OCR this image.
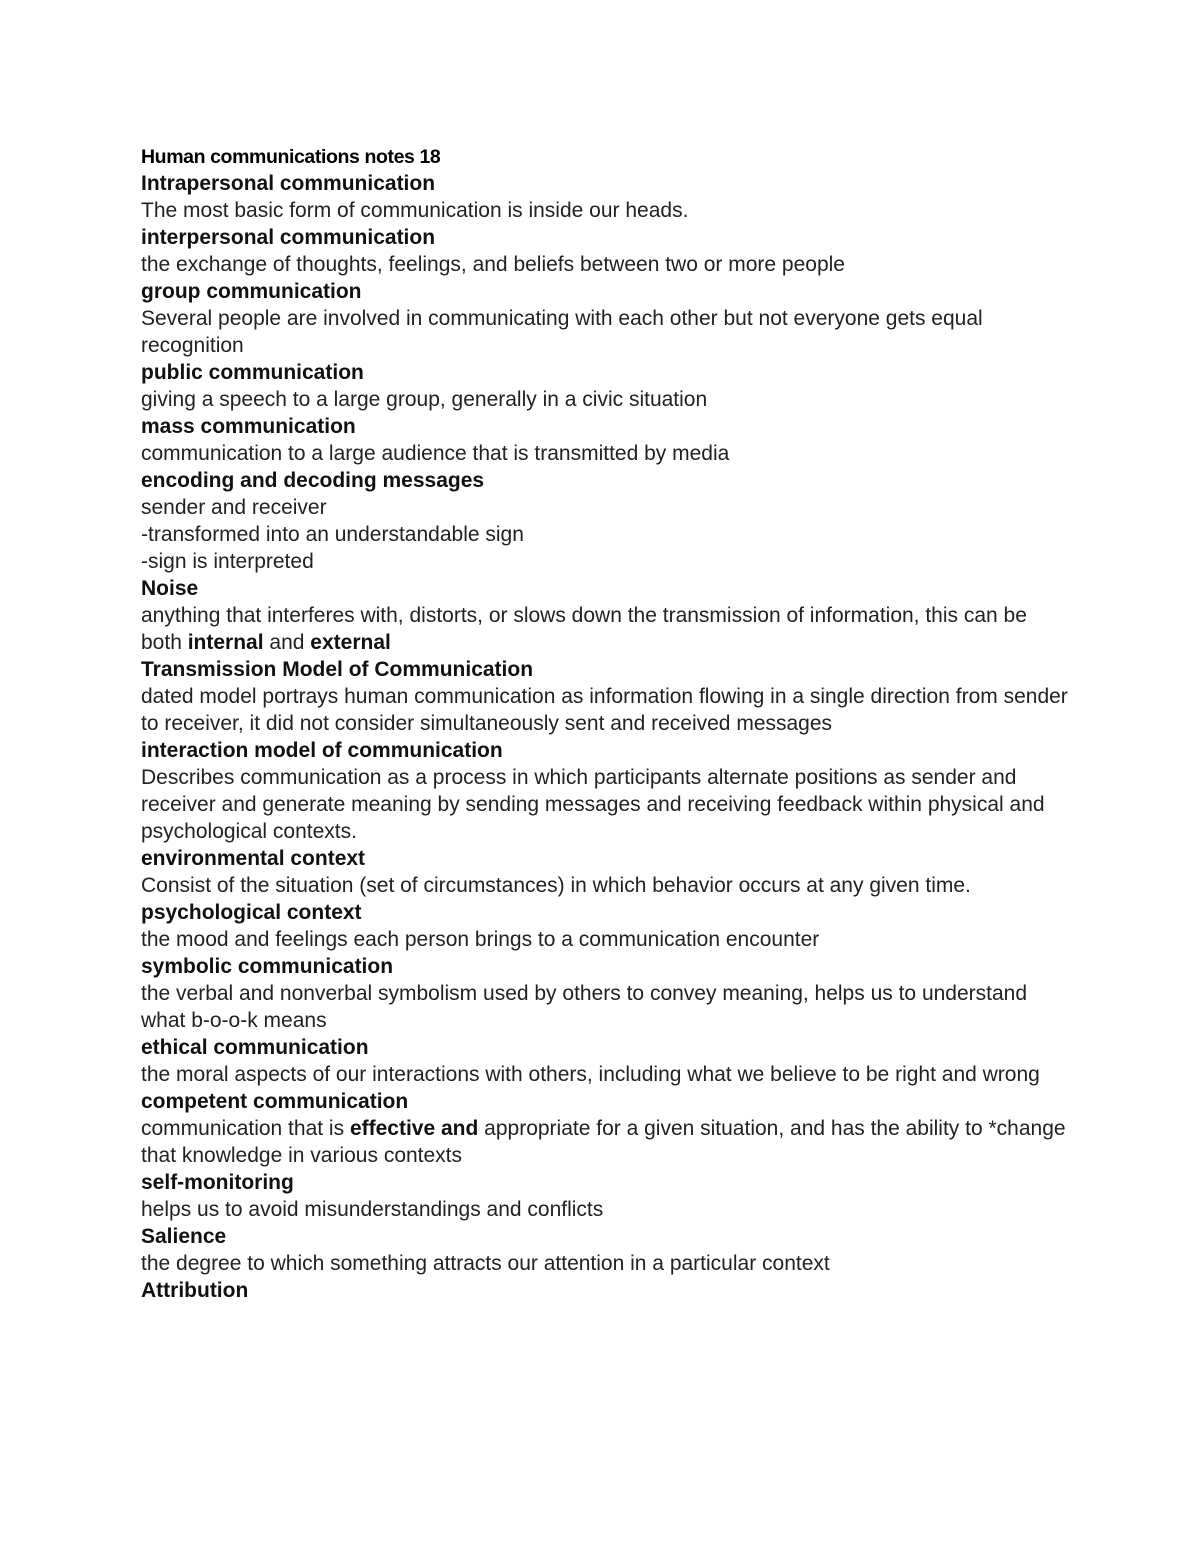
Human communications notes 18
Intrapersonal communication
The most basic form of communication is inside our heads.
interpersonal communication
the exchange of thoughts, feelings, and beliefs between two or more people
group communication
Several people are involved in communicating with each other but not everyone gets equal recognition
public communication
giving a speech to a large group, generally in a civic situation
mass communication
communication to a large audience that is transmitted by media
encoding and decoding messages
sender and receiver
-transformed into an understandable sign
-sign is interpreted
Noise
anything that interferes with, distorts, or slows down the transmission of information, this can be both internal and external
Transmission Model of Communication
dated model portrays human communication as information flowing in a single direction from sender to receiver, it did not consider simultaneously sent and received messages
interaction model of communication
Describes communication as a process in which participants alternate positions as sender and receiver and generate meaning by sending messages and receiving feedback within physical and psychological contexts.
environmental context
Consist of the situation (set of circumstances) in which behavior occurs at any given time.
psychological context
the mood and feelings each person brings to a communication encounter
symbolic communication
the verbal and nonverbal symbolism used by others to convey meaning, helps us to understand what b-o-o-k means
ethical communication
the moral aspects of our interactions with others, including what we believe to be right and wrong
competent communication
communication that is effective and appropriate for a given situation, and has the ability to *change that knowledge in various contexts
self-monitoring
helps us to avoid misunderstandings and conflicts
Salience
the degree to which something attracts our attention in a particular context
Attribution
